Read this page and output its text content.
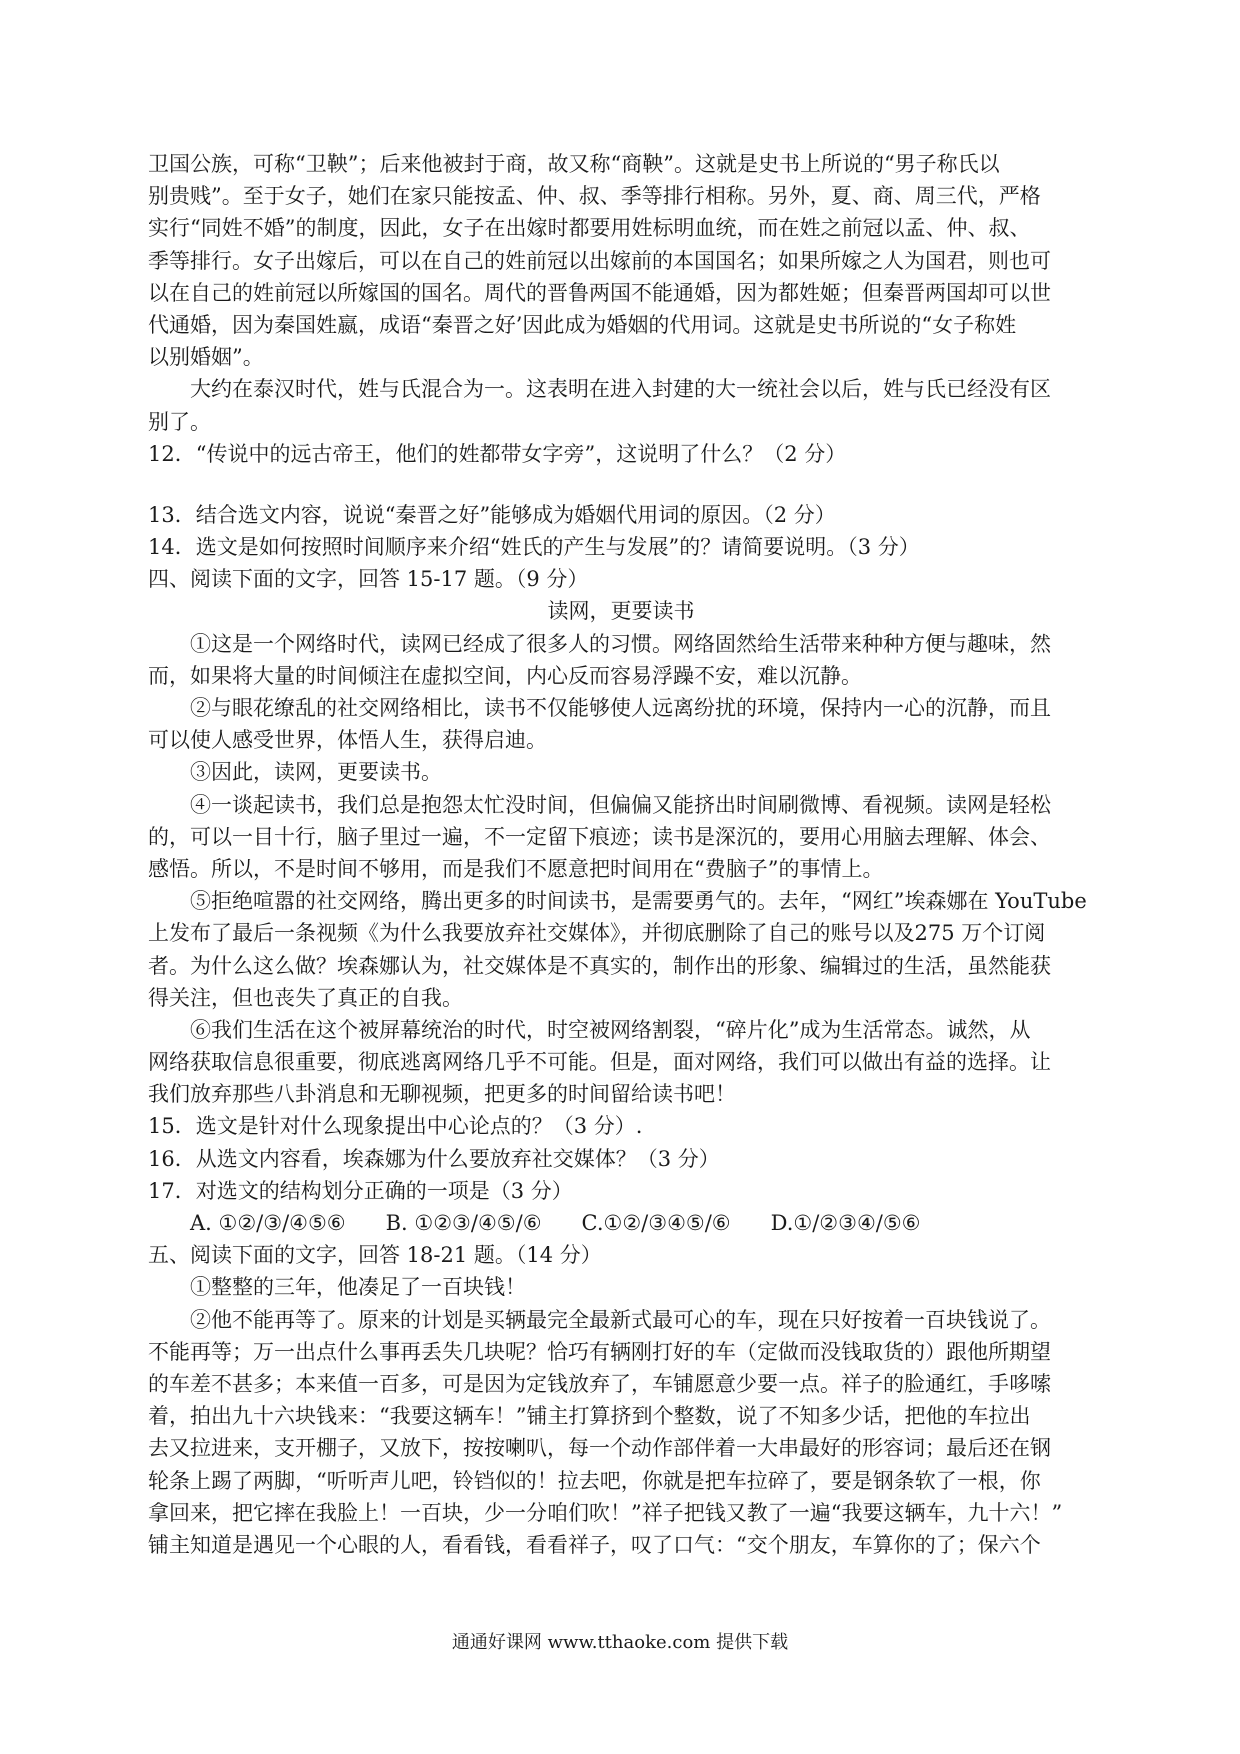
卫国公族，可称“卫鞅”；后来他被封于商，故又称“商鞅”。这就是史书上所说的“男子称氏以
别贵贱”。至于女子，她们在家只能按孟、仲、叔、季等排行相称。另外，夏、商、周三代，严格
实行“同姓不婚”的制度，因此，女子在出嫁时都要用姓标明血统，而在姓之前冠以孟、仲、叔、
季等排行。女子出嫁后，可以在自己的姓前冠以出嫁前的本国国名；如果所嫁之人为国君，则也可
以在自己的姓前冠以所嫁国的国名。周代的晋鲁两国不能通婚，因为都姓姬；但秦晋两国却可以世
代通婚，因为秦国姓嬴，成语“秦晋之好’因此成为婚姻的代用词。这就是史书所说的“女子称姓
以别婚姻”。
大约在泰汉时代，姓与氏混合为一。这表明在进入封建的大一统社会以后，姓与氏已经没有区
别了。
12．“传说中的远古帝王，他们的姓都带女字旁”，这说明了什么？（2 分）
13．结合选文内容，说说“秦晋之好”能够成为婚姻代用词的原因。（2 分）
14．选文是如何按照时间顺序来介绍“姓氏的产生与发展”的？请简要说明。（3 分）
四、阅读下面的文字，回答 15-17 题。（9 分）
读网，更要读书
①这是一个网络时代，读网已经成了很多人的习惯。网络固然给生活带来种种方便与趣味，然
而，如果将大量的时间倾注在虚拟空间，内心反而容易浮躁不安，难以沉静。
②与眼花缭乱的社交网络相比，读书不仅能够使人远离纷扰的环境，保持内一心的沉静，而且
可以使人感受世界，体悟人生，获得启迪。
③因此，读网，更要读书。
④一谈起读书，我们总是抱怨太忙没时间，但偏偏又能挤出时间刷微博、看视频。读网是轻松
的，可以一目十行，脑子里过一遍，不一定留下痕迹；读书是深沉的，要用心用脑去理解、体会、
感悟。所以，不是时间不够用，而是我们不愿意把时间用在“费脑子”的事情上。
⑤拒绝喧嚣的社交网络，腾出更多的时间读书，是需要勇气的。去年，“网红”埃森娜在 YouTube
上发布了最后一条视频《为什么我要放弃社交媒体》，并彻底删除了自己的账号以及275 万个订阅
者。为什么这么做？埃森娜认为，社交媒体是不真实的，制作出的形象、编辑过的生活，虽然能获
得关注，但也丧失了真正的自我。
⑥我们生活在这个被屏幕统治的时代，时空被网络割裂，“碎片化”成为生活常态。诚然，从
网络获取信息很重要，彻底逃离网络几乎不可能。但是，面对网络，我们可以做出有益的选择。让
我们放弃那些八卦消息和无聊视频，把更多的时间留给读书吧！
15．选文是针对什么现象提出中心论点的？（3 分）.
16．从选文内容看，埃森娜为什么要放弃社交媒体？（3 分）
17．对选文的结构划分正确的一项是（3 分）
A. ①②/③/④⑤⑥ B. ①②③/④⑤/⑥ C.①②/③④⑤/⑥ D.①/②③④/⑤⑥
五、阅读下面的文字，回答 18-21 题。（14 分）
①整整的三年，他凑足了一百块钱！
②他不能再等了。原来的计划是买辆最完全最新式最可心的车，现在只好按着一百块钱说了。
不能再等；万一出点什么事再丢失几块呢？恰巧有辆刚打好的车（定做而没钱取货的）跟他所期望
的车差不甚多；本来值一百多，可是因为定钱放弃了，车铺愿意少要一点。祥子的脸通红，手哆嗦
着，拍出九十六块钱来：“我要这辆车！”铺主打算挤到个整数，说了不知多少话，把他的车拉出
去又拉进来，支开棚子，又放下，按按喇叭，每一个动作部伴着一大串最好的形容词；最后还在钢
轮条上踢了两脚，“听听声儿吧，铃铛似的！拉去吧，你就是把车拉碎了，要是钢条软了一根，你
拿回来，把它摔在我脸上！一百块，少一分咱们吹！”祥子把钱又教了一遍“我要这辆车，九十六！”
铺主知道是遇见一个心眼的人，看看钱，看看祥子，叹了口气：“交个朋友，车算你的了；保六个
通通好课网 www.tthaoke.com 提供下载
